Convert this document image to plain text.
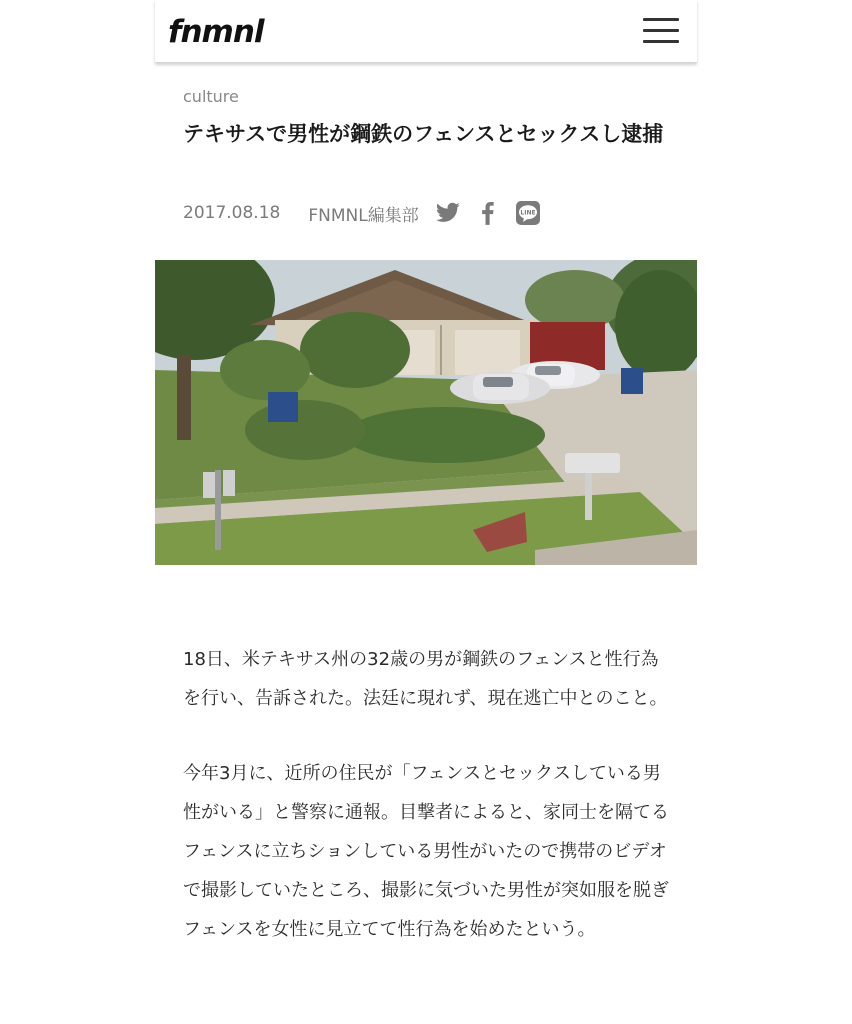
fnmnl
culture
テキサスで男性が鋼鉄のフェンスとセックスし逮捕
2017.08.18 FNMNL編集部	LINE

18日、米テキサス州の32歳の男が鋼鉄のフェンスと性行為を行い、告訴された。法廷に現れず、現在逃亡中とのこと。

今年3月に、近所の住民が「フェンスとセックスしている男性がいる」と警察に通報。目撃者によると、家同士を隔てるフェンスに立ちションしている男性がいたので携帯のビデオで撮影していたところ、撮影に気づいた男性が突如服を脱ぎフェンスを女性に見立てて性行為を始めたという。
